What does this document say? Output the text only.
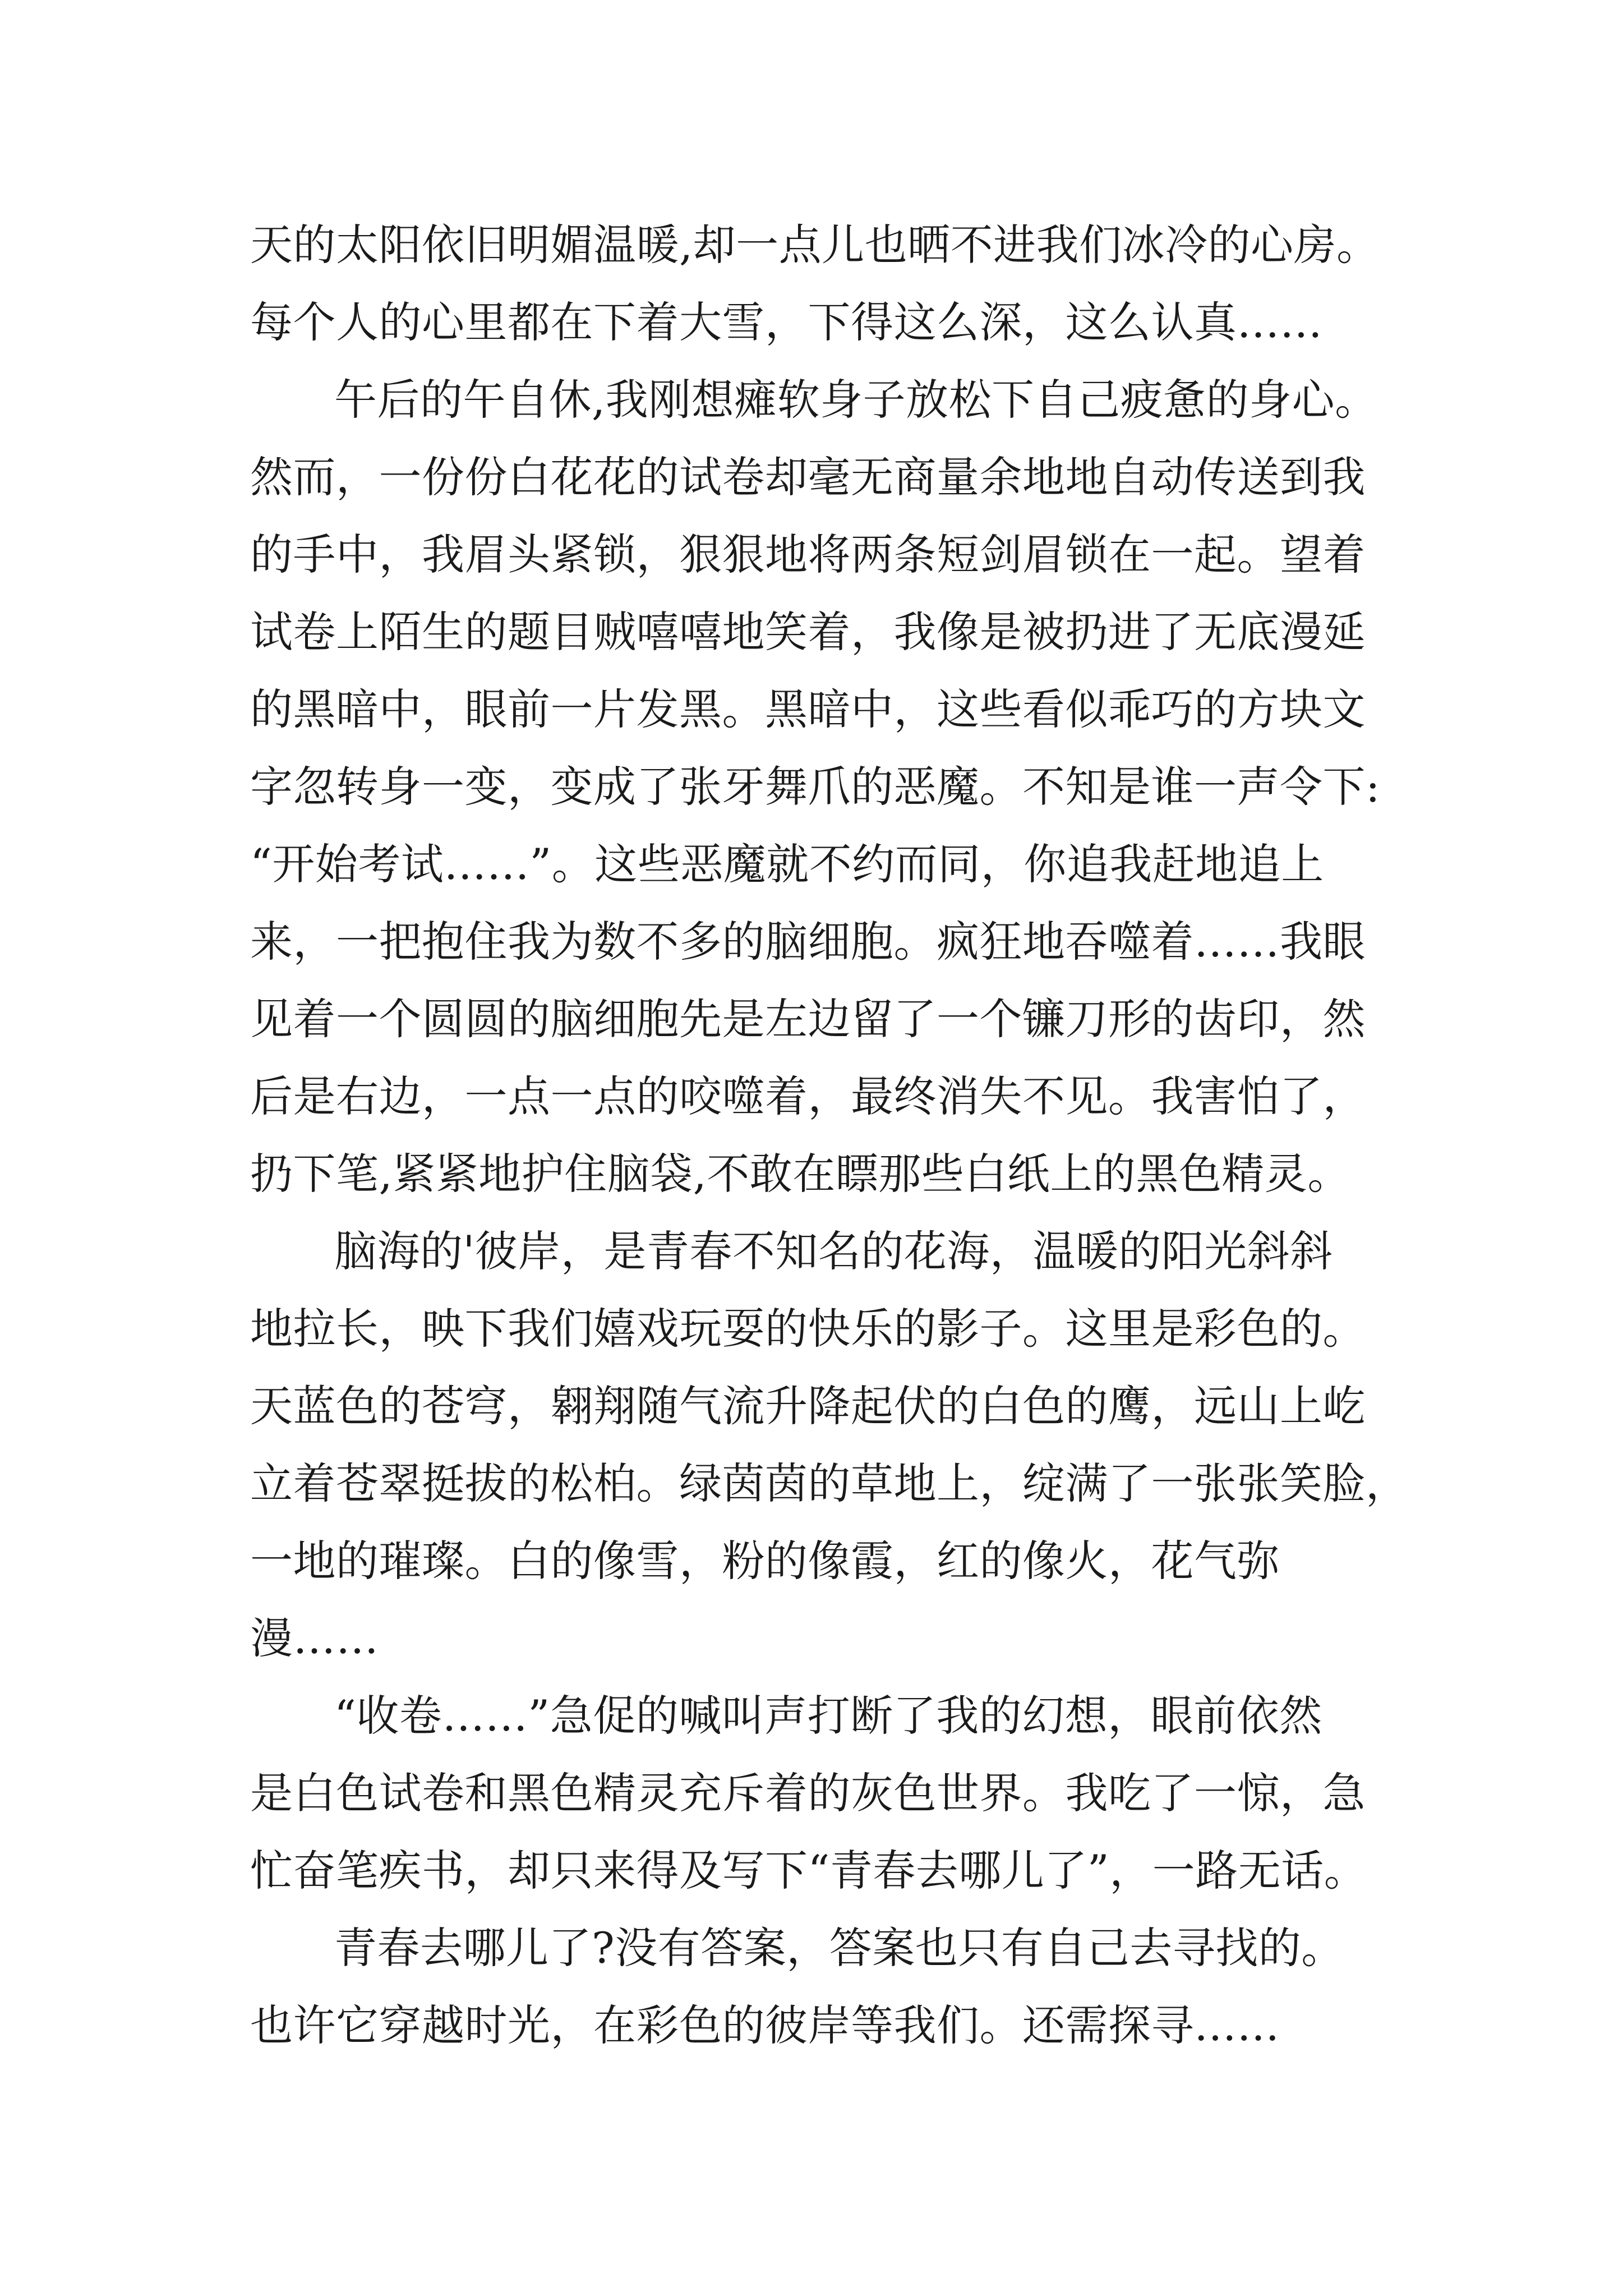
天的太阳依旧明媚温暖,却一点儿也晒不进我们冰冷的心房。
每个人的心里都在下着大雪，下得这么深，这么认真……
午后的午自休,我刚想瘫软身子放松下自己疲惫的身心。
然而，一份份白花花的试卷却毫无商量余地地自动传送到我
的手中，我眉头紧锁，狠狠地将两条短剑眉锁在一起。望着
试卷上陌生的题目贼嘻嘻地笑着，我像是被扔进了无底漫延
的黑暗中，眼前一片发黑。黑暗中，这些看似乖巧的方块文
字忽转身一变，变成了张牙舞爪的恶魔。不知是谁一声令下:
“开始考试……”。这些恶魔就不约而同，你追我赶地追上
来，一把抱住我为数不多的脑细胞。疯狂地吞噬着……我眼
见着一个圆圆的脑细胞先是左边留了一个镰刀形的齿印，然
后是右边，一点一点的咬噬着，最终消失不见。我害怕了，
扔下笔,紧紧地护住脑袋,不敢在瞟那些白纸上的黑色精灵。
脑海的'彼岸，是青春不知名的花海，温暖的阳光斜斜
地拉长，映下我们嬉戏玩耍的快乐的影子。这里是彩色的。
天蓝色的苍穹，翱翔随气流升降起伏的白色的鹰，远山上屹
立着苍翠挺拔的松柏。绿茵茵的草地上，绽满了一张张笑脸，
一地的璀璨。白的像雪，粉的像霞，红的像火，花气弥
漫……
“收卷……”急促的喊叫声打断了我的幻想，眼前依然
是白色试卷和黑色精灵充斥着的灰色世界。我吃了一惊，急
忙奋笔疾书，却只来得及写下“青春去哪儿了”，一路无话。
青春去哪儿了?没有答案，答案也只有自己去寻找的。
也许它穿越时光，在彩色的彼岸等我们。还需探寻……
